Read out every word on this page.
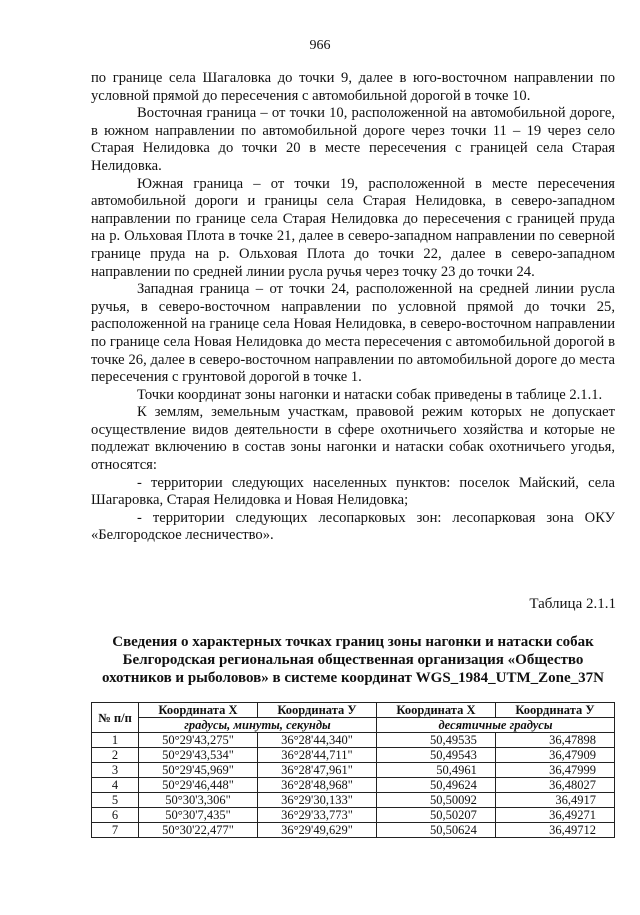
966

по границе села Шагаловка до точки 9, далее в юго-восточном направлении по условной прямой до пересечения с автомобильной дорогой в точке 10.

Восточная граница – от точки 10, расположенной на автомобильной дороге, в южном направлении по автомобильной дороге через точки 11 – 19 через село Старая Нелидовка до точки 20 в месте пересечения с границей села Старая Нелидовка.

Южная граница – от точки 19, расположенной в месте пересечения автомобильной дороги и границы села Старая Нелидовка, в северо-западном направлении по границе села Старая Нелидовка до пересечения с границей пруда на р. Ольховая Плота в точке 21, далее в северо-западном направлении по северной границе пруда на р. Ольховая Плота до точки 22, далее в северо-западном направлении по средней линии русла ручья через точку 23 до точки 24.

Западная граница – от точки 24, расположенной на средней линии русла ручья, в северо-восточном направлении по условной прямой до точки 25, расположенной на границе села Новая Нелидовка, в северо-восточном направлении по границе села Новая Нелидовка до места пересечения с автомобильной дорогой в точке 26, далее в северо-восточном направлении по автомобильной дороге до места пересечения с грунтовой дорогой в точке 1.

Точки координат зоны нагонки и натаски собак приведены в таблице 2.1.1.

К землям, земельным участкам, правовой режим которых не допускает осуществление видов деятельности в сфере охотничьего хозяйства и которые не подлежат включению в состав зоны нагонки и натаски собак охотничьего угодья, относятся:

- территории следующих населенных пунктов: поселок Майский, села Шагаровка, Старая Нелидовка и Новая Нелидовка;

- территории следующих лесопарковых зон: лесопарковая зона ОКУ «Белгородское лесничество».

Таблица 2.1.1
Сведения о характерных точках границ зоны нагонки и натаски собак Белгородская региональная общественная организация «Общество охотников и рыболовов» в системе координат WGS_1984_UTM_Zone_37N
№ п/п	Координата X	Координата У	Координата X	Координата У
	градусы, минуты, секунды		десятичные градусы	
1	50°29'43,275"	36°28'44,340"	50,49535	36,47898
2	50°29'43,534"	36°28'44,711"	50,49543	36,47909
3	50°29'45,969"	36°28'47,961"	50,4961	36,47999
4	50°29'46,448"	36°28'48,968"	50,49624	36,48027
5	50°30'3,306"	36°29'30,133"	50,50092	36,4917
6	50°30'7,435"	36°29'33,773"	50,50207	36,49271
7	50°30'22,477"	36°29'49,629"	50,50624	36,49712
